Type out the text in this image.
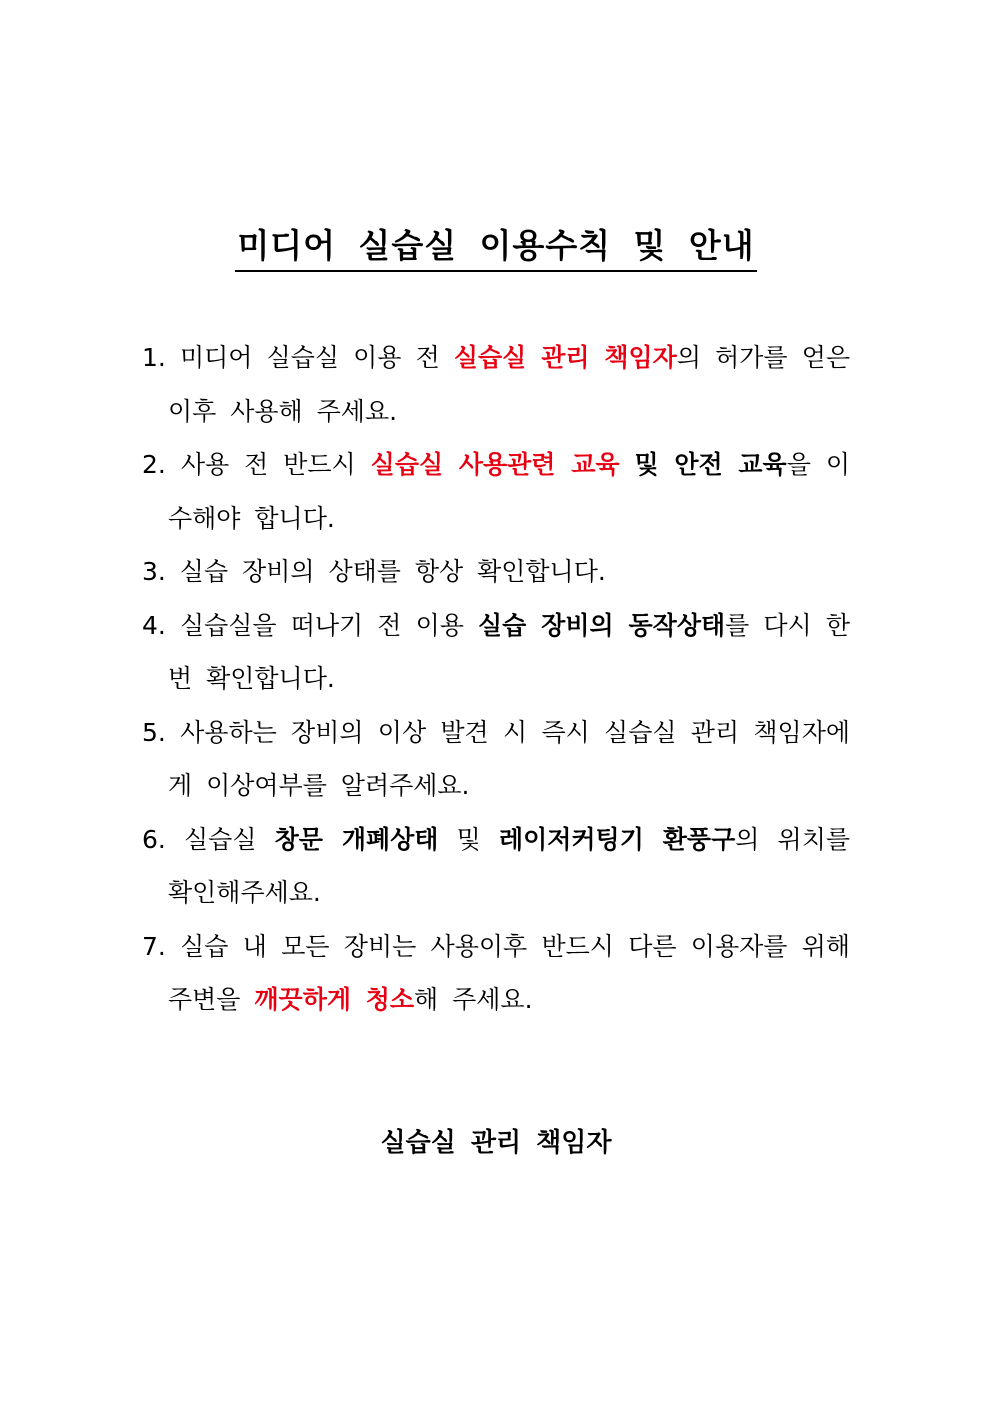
미디어 실습실 이용수칙 및 안내
1. 미디어 실습실 이용 전 실습실 관리 책임자의 허가를 얻은 이후 사용해 주세요.
2. 사용 전 반드시 실습실 사용관련 교육 및 안전 교육을 이수해야 합니다.
3. 실습 장비의 상태를 항상 확인합니다.
4. 실습실을 떠나기 전 이용 실습 장비의 동작상태를 다시 한번 확인합니다.
5. 사용하는 장비의 이상 발견 시 즉시 실습실 관리 책임자에게 이상여부를 알려주세요.
6. 실습실 창문 개폐상태 및 레이저커팅기 환풍구의 위치를 확인해주세요.
7. 실습 내 모든 장비는 사용이후 반드시 다른 이용자를 위해 주변을 깨끗하게 청소해 주세요.
실습실 관리 책임자
